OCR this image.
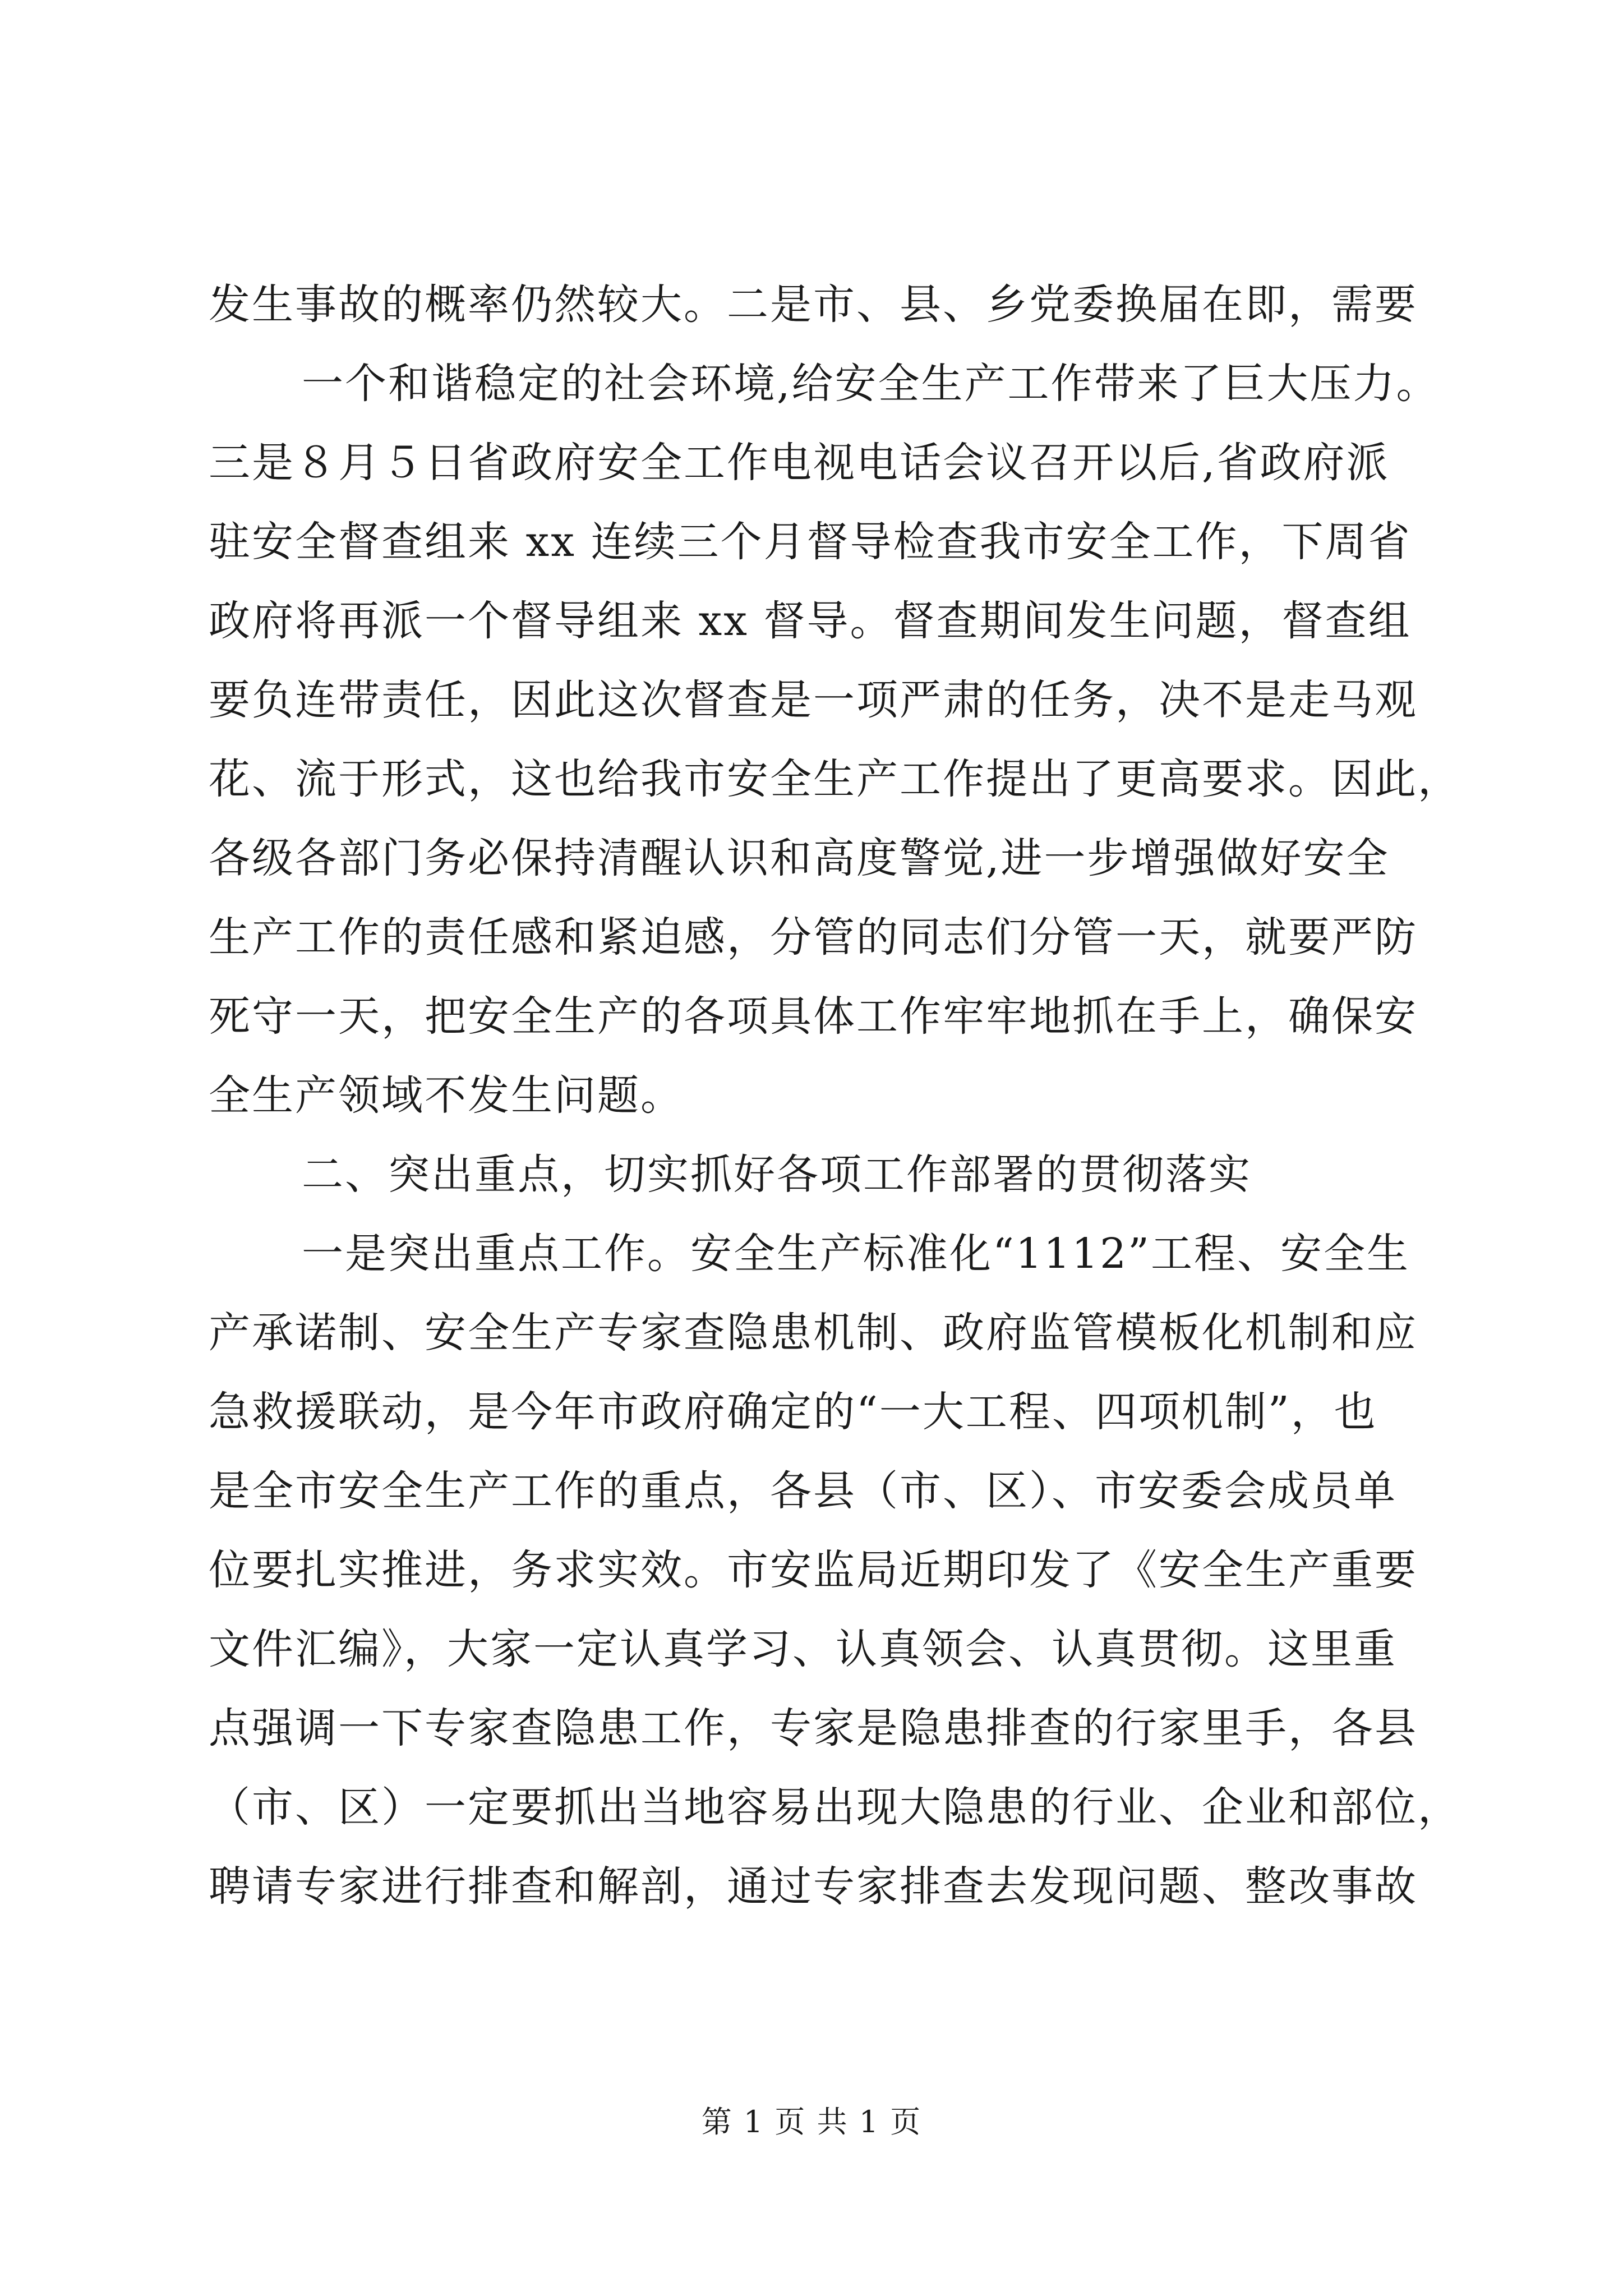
发生事故的概率仍然较大。二是市、县、乡党委换届在即，需要
一个和谐稳定的社会环境,给安全生产工作带来了巨大压力。
三是８月５日省政府安全工作电视电话会议召开以后,省政府派
驻安全督查组来 xx 连续三个月督导检查我市安全工作，下周省
政府将再派一个督导组来 xx 督导。督查期间发生问题，督查组
要负连带责任，因此这次督查是一项严肃的任务，决不是走马观
花、流于形式，这也给我市安全生产工作提出了更高要求。因此，
各级各部门务必保持清醒认识和高度警觉,进一步增强做好安全
生产工作的责任感和紧迫感，分管的同志们分管一天，就要严防
死守一天，把安全生产的各项具体工作牢牢地抓在手上，确保安
全生产领域不发生问题。
二、突出重点，切实抓好各项工作部署的贯彻落实
一是突出重点工作。安全生产标准化“1112”工程、安全生
产承诺制、安全生产专家查隐患机制、政府监管模板化机制和应
急救援联动，是今年市政府确定的“一大工程、四项机制”，也
是全市安全生产工作的重点，各县（市、区）、市安委会成员单
位要扎实推进，务求实效。市安监局近期印发了《安全生产重要
文件汇编》，大家一定认真学习、认真领会、认真贯彻。这里重
点强调一下专家查隐患工作，专家是隐患排查的行家里手，各县
（市、区）一定要抓出当地容易出现大隐患的行业、企业和部位，
聘请专家进行排查和解剖，通过专家排查去发现问题、整改事故
第 1 页 共 1 页
